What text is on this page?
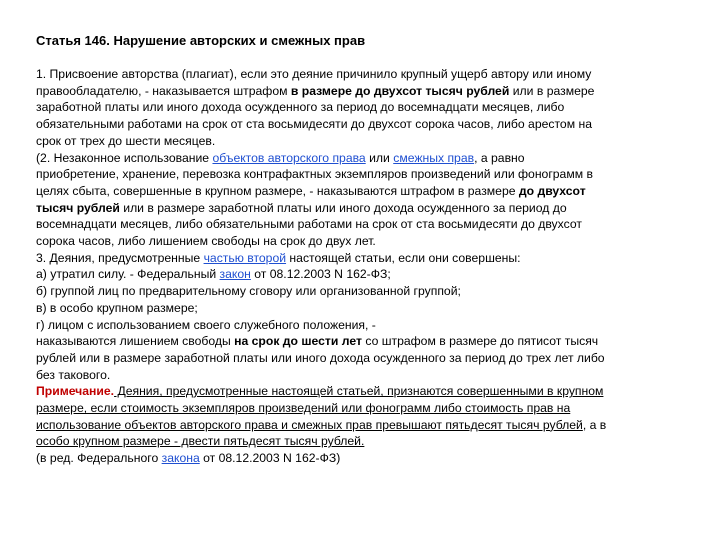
Статья 146. Нарушение авторских и смежных прав
1. Присвоение авторства (плагиат), если это деяние причинило крупный ущерб автору или иному
правообладателю, - наказывается штрафом в размере до двухсот тысяч рублей или в размере
заработной платы или иного дохода осужденного за период до восемнадцати месяцев, либо
обязательными работами на срок от ста восьмидесяти до двухсот сорока часов, либо арестом на
срок от трех до шести месяцев.
(2. Незаконное использование объектов авторского права или смежных прав, а равно
приобретение, хранение, перевозка контрафактных экземпляров произведений или фонограмм в
целях сбыта, совершенные в крупном размере, - наказываются штрафом в размере до двухсот
тысяч рублей или в размере заработной платы или иного дохода осужденного за период до
восемнадцати месяцев, либо обязательными работами на срок от ста восьмидесяти до двухсот
сорока часов, либо лишением свободы на срок до двух лет.
3. Деяния, предусмотренные частью второй настоящей статьи, если они совершены:
а) утратил силу. - Федеральный закон от 08.12.2003 N 162-ФЗ;
б) группой лиц по предварительному сговору или организованной группой;
в) в особо крупном размере;
г) лицом с использованием своего служебного положения, -
наказываются лишением свободы на срок до шести лет со штрафом в размере до пятисот тысяч
рублей или в размере заработной платы или иного дохода осужденного за период до трех лет либо
без такового.
Примечание. Деяния, предусмотренные настоящей статьей, признаются совершенными в крупном
размере, если стоимость экземпляров произведений или фонограмм либо стоимость прав на
использование объектов авторского права и смежных прав превышают пятьдесят тысяч рублей, а в
особо крупном размере - двести пятьдесят тысяч рублей.
(в ред. Федерального закона от 08.12.2003 N 162-ФЗ)
